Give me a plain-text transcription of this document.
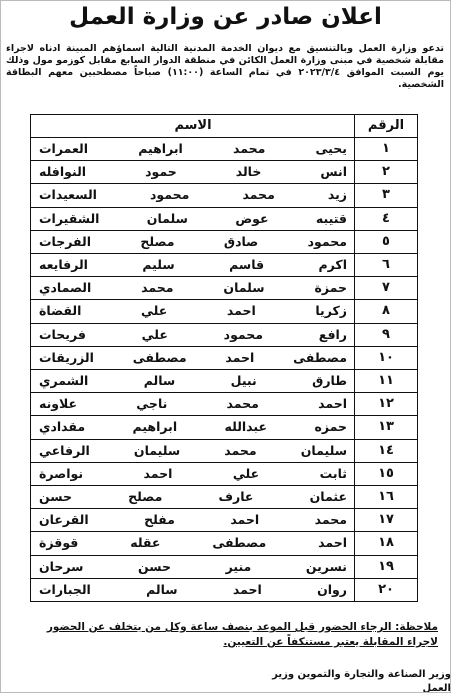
اعلان صادر عن وزارة العمل
تدعو وزارة العمل وبالتنسيق مع ديوان الخدمة المدنية التالية اسماؤهم المبينة ادناه لاجراء مقابلة شخصية في مبنى وزارة العمل الكائن في منطقة الدوار السابع مقابل كوزمو مول وذلك يوم السبت الموافق ٢٠٢٣/٣/٤ في تمام الساعة (١١:٠٠) صباحاً مصطحبين معهم البطاقة الشخصية.
الرقم
الاسم
١
يحيى محمد ابراهيم العمرات
٢
انس خالد حمود النوافله
٣
زيد محمد محمود السعيدات
٤
قتيبه عوض سلمان الشقيرات
٥
محمود صادق مصلح الفرجات
٦
اكرم قاسم سليم الرفايعه
٧
حمزة سلمان محمد الصمادي
٨
زكريا احمد علي القضاة
٩
رافع محمود علي فريحات
١٠
مصطفى احمد مصطفى الزريقات
١١
طارق نبيل سالم الشمري
١٢
احمد محمد ناجي علاونه
١٣
حمزه عبدالله ابراهيم مقدادي
١٤
سليمان محمد سليمان الرفاعي
١٥
ثابت علي احمد نواصرة
١٦
عثمان عارف مصلح حسن
١٧
محمد احمد مفلح القرعان
١٨
احمد مصطفى عقله قوقزة
١٩
نسرين منير حسن سرحان
٢٠
روان احمد سالم الجبارات
ملاحظة: الرجاء الحضور قبل الموعد بنصف ساعة وكل من يتخلف عن الحضور لاجراء المقابلة يعتبر مستنكفاً عن التعيين.
وزير الصناعة والتجارة والتموين وزير العمل
